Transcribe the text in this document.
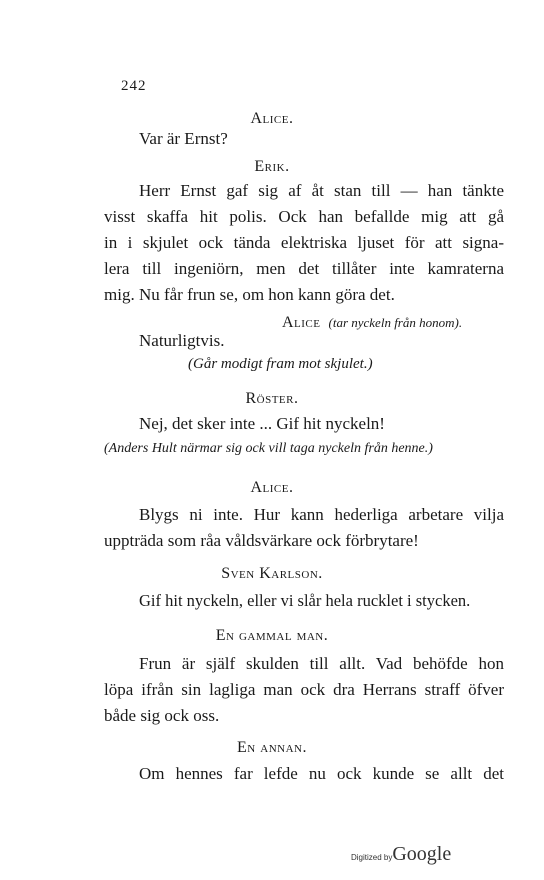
242
Alice.
Var är Ernst?
Erik.
Herr Ernst gaf sig af åt stan till — han tänkte
visst skaffa hit polis. Ock han befallde mig att gå
in i skjulet ock tända elektriska ljuset för att signa-
lera till ingeniörn, men det tillåter inte kamraterna
mig. Nu får frun se, om hon kann göra det.
Alice (tar nyckeln från honom).
Naturligtvis.
(Går modigt fram mot skjulet.)
Röster.
Nej, det sker inte ... Gif hit nyckeln!
(Anders Hult närmar sig ock vill taga nyckeln från henne.)
Alice.
Blygs ni inte. Hur kann hederliga arbetare vilja
uppträda som råa våldsvärkare ock förbrytare!
Sven Karlson.
Gif hit nyckeln, eller vi slår hela rucklet i stycken.
En gammal man.
Frun är själf skulden till allt. Vad behöfde hon
löpa ifrån sin lagliga man ock dra Herrans straff öfver
både sig ock oss.
En annan.
Om hennes far lefde nu ock kunde se allt det
Digitized byGoogle
